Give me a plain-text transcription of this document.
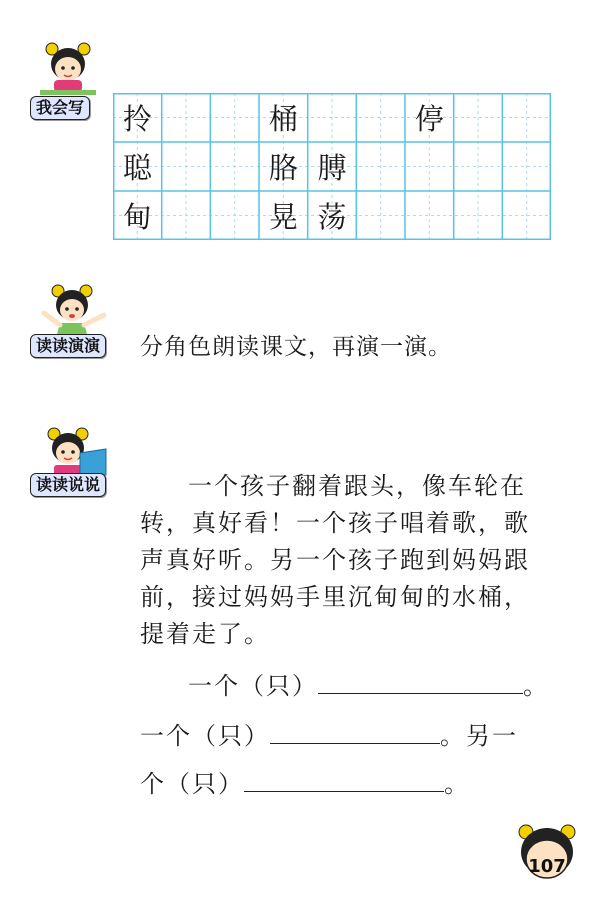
我会写	拎	桶	停
聪	胳 膊
甸	晃 荡
读读演演 分角色朗读课文，再演一演。
读读说说	一个孩子翻着跟头，像车轮在转，真好看！一个孩子唱着歌，歌声真好听。另一个孩子跑到妈妈跟前，接过妈妈手里沉甸甸的水桶，提着走了。
一个（只）	。
一个（只）	。另一
个（只）	。
107
